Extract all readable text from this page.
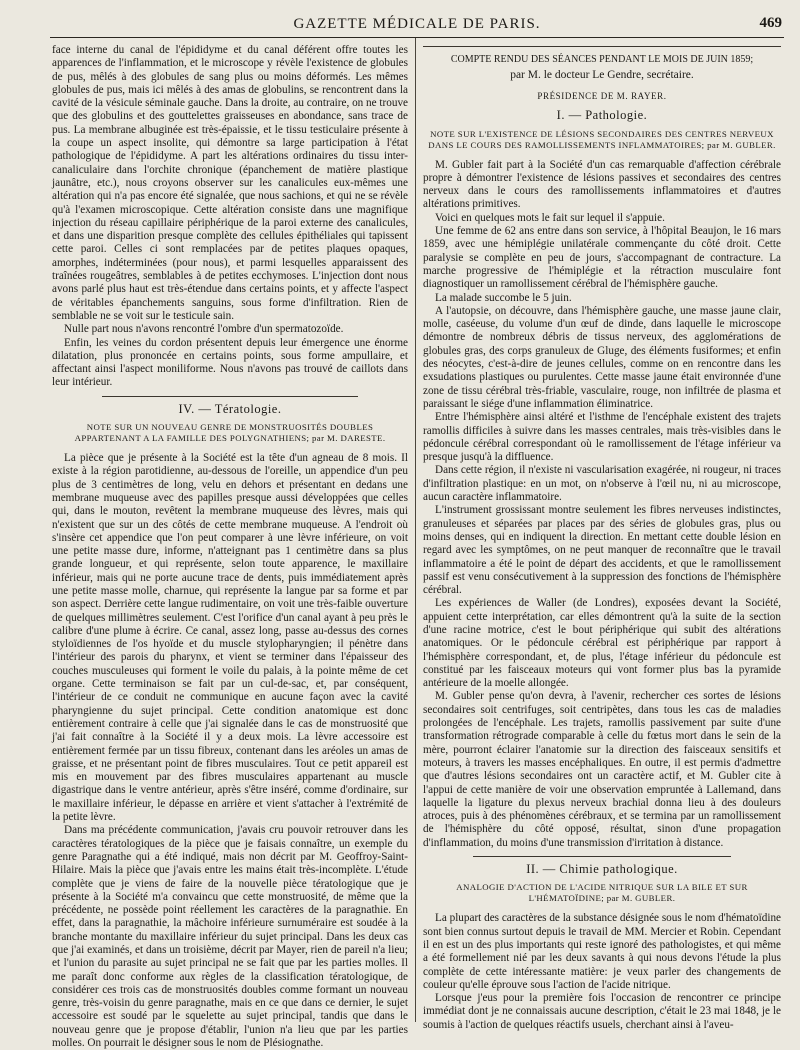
GAZETTE MÉDICALE DE PARIS.	469

face interne du canal de l'épididyme et du canal déférent offre toutes les apparences de l'inflammation, et le microscope y révèle l'existence de globules de pus, mêlés à des globules de sang plus ou moins déformés. Les mêmes globules de pus, mais ici mêlés à des amas de globulins, se rencontrent dans la cavité de la vésicule séminale gauche. Dans la droite, au contraire, on ne trouve que des globulins et des gouttelettes graisseuses en abondance, sans trace de pus. La membrane albuginée est très-épaissie, et le tissu testiculaire présente à la coupe un aspect insolite, qui démontre sa large participation à l'état pathologique de l'épididyme. A part les altérations ordinaires du tissu inter-canaliculaire dans l'orchite chronique (épanchement de matière plastique jaunâtre, etc.), nous croyons observer sur les canalicules eux-mêmes une altération qui n'a pas encore été signalée, que nous sachions, et qui ne se révèle qu'à l'examen microscopique. Cette altération consiste dans une magnifique injection du réseau capillaire périphérique de la paroi externe des canalicules, et dans une disparition presque complète des cellules épithéliales qui tapissent cette paroi. Celles ci sont remplacées par de petites plaques opaques, amorphes, indéterminées (pour nous), et parmi lesquelles apparaissent des traînées rougeâtres, semblables à de petites ecchymoses. L'injection dont nous avons parlé plus haut est très-étendue dans certains points, et y affecte l'aspect de véritables épanchements sanguins, sous forme d'infiltration. Rien de semblable ne se voit sur le testicule sain.

Nulle part nous n'avons rencontré l'ombre d'un spermatozoïde.

Enfin, les veines du cordon présentent depuis leur émergence une énorme dilatation, plus prononcée en certains points, sous forme ampullaire, et affectant ainsi l'aspect moniliforme. Nous n'avons pas trouvé de caillots dans leur intérieur.

IV. — Tératologie.
NOTE SUR UN NOUVEAU GENRE DE MONSTRUOSITÉS DOUBLES APPARTENANT A LA FAMILLE DES POLYGNATHIENS; par M. DARESTE.

La pièce que je présente à la Société est la tête d'un agneau de 8 mois. Il existe à la région parotidienne, au-dessous de l'oreille, un appendice d'un peu plus de 3 centimètres de long, velu en dehors et présentant en dedans une membrane muqueuse avec des papilles presque aussi développées que celles qui, dans le mouton, revêtent la membrane muqueuse des lèvres, mais qui n'existent que sur un des côtés de cette membrane muqueuse. A l'endroit où s'insère cet appendice que l'on peut comparer à une lèvre inférieure, on voit une petite masse dure, informe, n'atteignant pas 1 centimètre dans sa plus grande longueur, et qui représente, selon toute apparence, le maxillaire inférieur, mais qui ne porte aucune trace de dents, puis immédiatement après une petite masse molle, charnue, qui représente la langue par sa forme et par son aspect. Derrière cette langue rudimentaire, on voit une très-faible ouverture de quelques millimètres seulement. C'est l'orifice d'un canal ayant à peu près le calibre d'une plume à écrire. Ce canal, assez long, passe au-dessus des cornes styloïdiennes de l'os hyoïde et du muscle stylopharyngien; il pénètre dans l'intérieur des parois du pharynx, et vient se terminer dans l'épaisseur des couches musculeuses qui forment le voile du palais, à la pointe même de cet organe. Cette terminaison se fait par un cul-de-sac, et, par conséquent, l'intérieur de ce conduit ne communique en aucune façon avec la cavité pharyngienne du sujet principal. Cette condition anatomique est donc entièrement contraire à celle que j'ai signalée dans le cas de monstruosité que j'ai fait connaître à la Société il y a deux mois. La lèvre accessoire est entièrement fermée par un tissu fibreux, contenant dans les aréoles un amas de graisse, et ne présentant point de fibres musculaires. Tout ce petit appareil est mis en mouvement par des fibres musculaires appartenant au muscle digastrique dans le ventre antérieur, après s'être inséré, comme d'ordinaire, sur le maxillaire inférieur, le dépasse en arrière et vient s'attacher à l'extrémité de la petite lèvre.

Dans ma précédente communication, j'avais cru pouvoir retrouver dans les caractères tératologiques de la pièce que je faisais connaître, un exemple du genre Paragnathe qui a été indiqué, mais non décrit par M. Geoffroy-Saint-Hilaire. Mais la pièce que j'avais entre les mains était très-incomplète. L'étude complète que je viens de faire de la nouvelle pièce tératologique que je présente à la Société m'a convaincu que cette monstruosité, de même que la précédente, ne possède point réellement les caractères de la paragnathie. En effet, dans la paragnathie, la mâchoire inférieure surnuméraire est soudée à la branche montante du maxillaire inférieur du sujet principal. Dans les deux cas que j'ai examinés, et dans un troisième, décrit par Mayer, rien de pareil n'a lieu; et l'union du parasite au sujet principal ne se fait que par les parties molles. Il me paraît donc conforme aux règles de la classification tératologique, de considérer ces trois cas de monstruosités doubles comme formant un nouveau genre, très-voisin du genre paragnathe, mais en ce que dans ce dernier, le sujet accessoire est soudé par le squelette au sujet principal, tandis que dans le nouveau genre que je propose d'établir, l'union n'a lieu que par les parties molles. On pourrait le désigner sous le nom de Plésiognathe.

COMPTE RENDU DES SÉANCES PENDANT LE MOIS DE JUIN 1859;
par M. le docteur Le Gendre, secrétaire.
PRÉSIDENCE DE M. RAYER.
I. — Pathologie.
NOTE SUR L'EXISTENCE DE LÉSIONS SECONDAIRES DES CENTRES NERVEUX DANS LE COURS DES RAMOLLISSEMENTS INFLAMMATOIRES; par M. GUBLER.

M. Gubler fait part à la Société d'un cas remarquable d'affection cérébrale propre à démontrer l'existence de lésions passives et secondaires des centres nerveux dans le cours des ramollissements inflammatoires et d'autres altérations primitives.

Voici en quelques mots le fait sur lequel il s'appuie.

Une femme de 62 ans entre dans son service, à l'hôpital Beaujon, le 16 mars 1859, avec une hémiplégie unilatérale commençante du côté droit. Cette paralysie se complète en peu de jours, s'accompagnant de contracture. La marche progressive de l'hémiplégie et la rétraction musculaire font diagnostiquer un ramollissement cérébral de l'hémisphère gauche.

La malade succombe le 5 juin.

A l'autopsie, on découvre, dans l'hémisphère gauche, une masse jaune clair, molle, caséeuse, du volume d'un œuf de dinde, dans laquelle le microscope démontre de nombreux débris de tissus nerveux, des agglomérations de globules gras, des corps granuleux de Gluge, des éléments fusiformes; et enfin des néocytes, c'est-à-dire de jeunes cellules, comme on en rencontre dans les exsudations plastiques ou purulentes. Cette masse jaune était environnée d'une zone de tissu cérébral très-friable, vasculaire, rouge, non infiltrée de plasma et paraissant le siége d'une inflammation éliminatrice.

Entre l'hémisphère ainsi altéré et l'isthme de l'encéphale existent des trajets ramollis difficiles à suivre dans les masses centrales, mais très-visibles dans le pédoncule cérébral correspondant où le ramollissement de l'étage inférieur va presque jusqu'à la diffluence.

Dans cette région, il n'existe ni vascularisation exagérée, ni rougeur, ni traces d'infiltration plastique: en un mot, on n'observe à l'œil nu, ni au microscope, aucun caractère inflammatoire.

L'instrument grossissant montre seulement les fibres nerveuses indistinctes, granuleuses et séparées par places par des séries de globules gras, plus ou moins denses, qui en indiquent la direction. En mettant cette double lésion en regard avec les symptômes, on ne peut manquer de reconnaître que le travail inflammatoire a été le point de départ des accidents, et que le ramollissement passif est venu consécutivement à la suppression des fonctions de l'hémisphère cérébral.

Les expériences de Waller (de Londres), exposées devant la Société, appuient cette interprétation, car elles démontrent qu'à la suite de la section d'une racine motrice, c'est le bout périphérique qui subit des altérations anatomiques. Or le pédoncule cérébral est périphérique par rapport à l'hémisphère correspondant, et, de plus, l'étage inférieur du pédoncule est constitué par les faisceaux moteurs qui vont former plus bas la pyramide antérieure de la moelle allongée.

M. Gubler pense qu'on devra, à l'avenir, rechercher ces sortes de lésions secondaires soit centrifuges, soit centripètes, dans tous les cas de maladies prolongées de l'encéphale. Les trajets, ramollis passivement par suite d'une transformation rétrograde comparable à celle du fœtus mort dans le sein de la mère, pourront éclairer l'anatomie sur la direction des faisceaux sensitifs et moteurs, à travers les masses encéphaliques. En outre, il est permis d'admettre que d'autres lésions secondaires ont un caractère actif, et M. Gubler cite à l'appui de cette manière de voir une observation empruntée à Lallemand, dans laquelle la ligature du plexus nerveux brachial donna lieu à des douleurs atroces, puis à des phénomènes cérébraux, et se termina par un ramollissement de l'hémisphère du côté opposé, résultat, sinon d'une propagation d'inflammation, du moins d'une transmission d'irritation à distance.

II. — Chimie pathologique.
ANALOGIE D'ACTION DE L'ACIDE NITRIQUE SUR LA BILE ET SUR L'HÉMATOÏDINE; par M. GUBLER.

La plupart des caractères de la substance désignée sous le nom d'hématoïdine sont bien connus surtout depuis le travail de MM. Mercier et Robin. Cependant il en est un des plus importants qui reste ignoré des pathologistes, et qui même a été formellement nié par les deux savants à qui nous devons l'étude la plus complète de cette intéressante matière: je veux parler des changements de couleur qu'elle éprouve sous l'action de l'acide nitrique.

Lorsque j'eus pour la première fois l'occasion de rencontrer ce principe immédiat dont je ne connaissais aucune description, c'était le 23 mai 1848, je le soumis à l'action de quelques réactifs usuels, cherchant ainsi à l'aveu-
